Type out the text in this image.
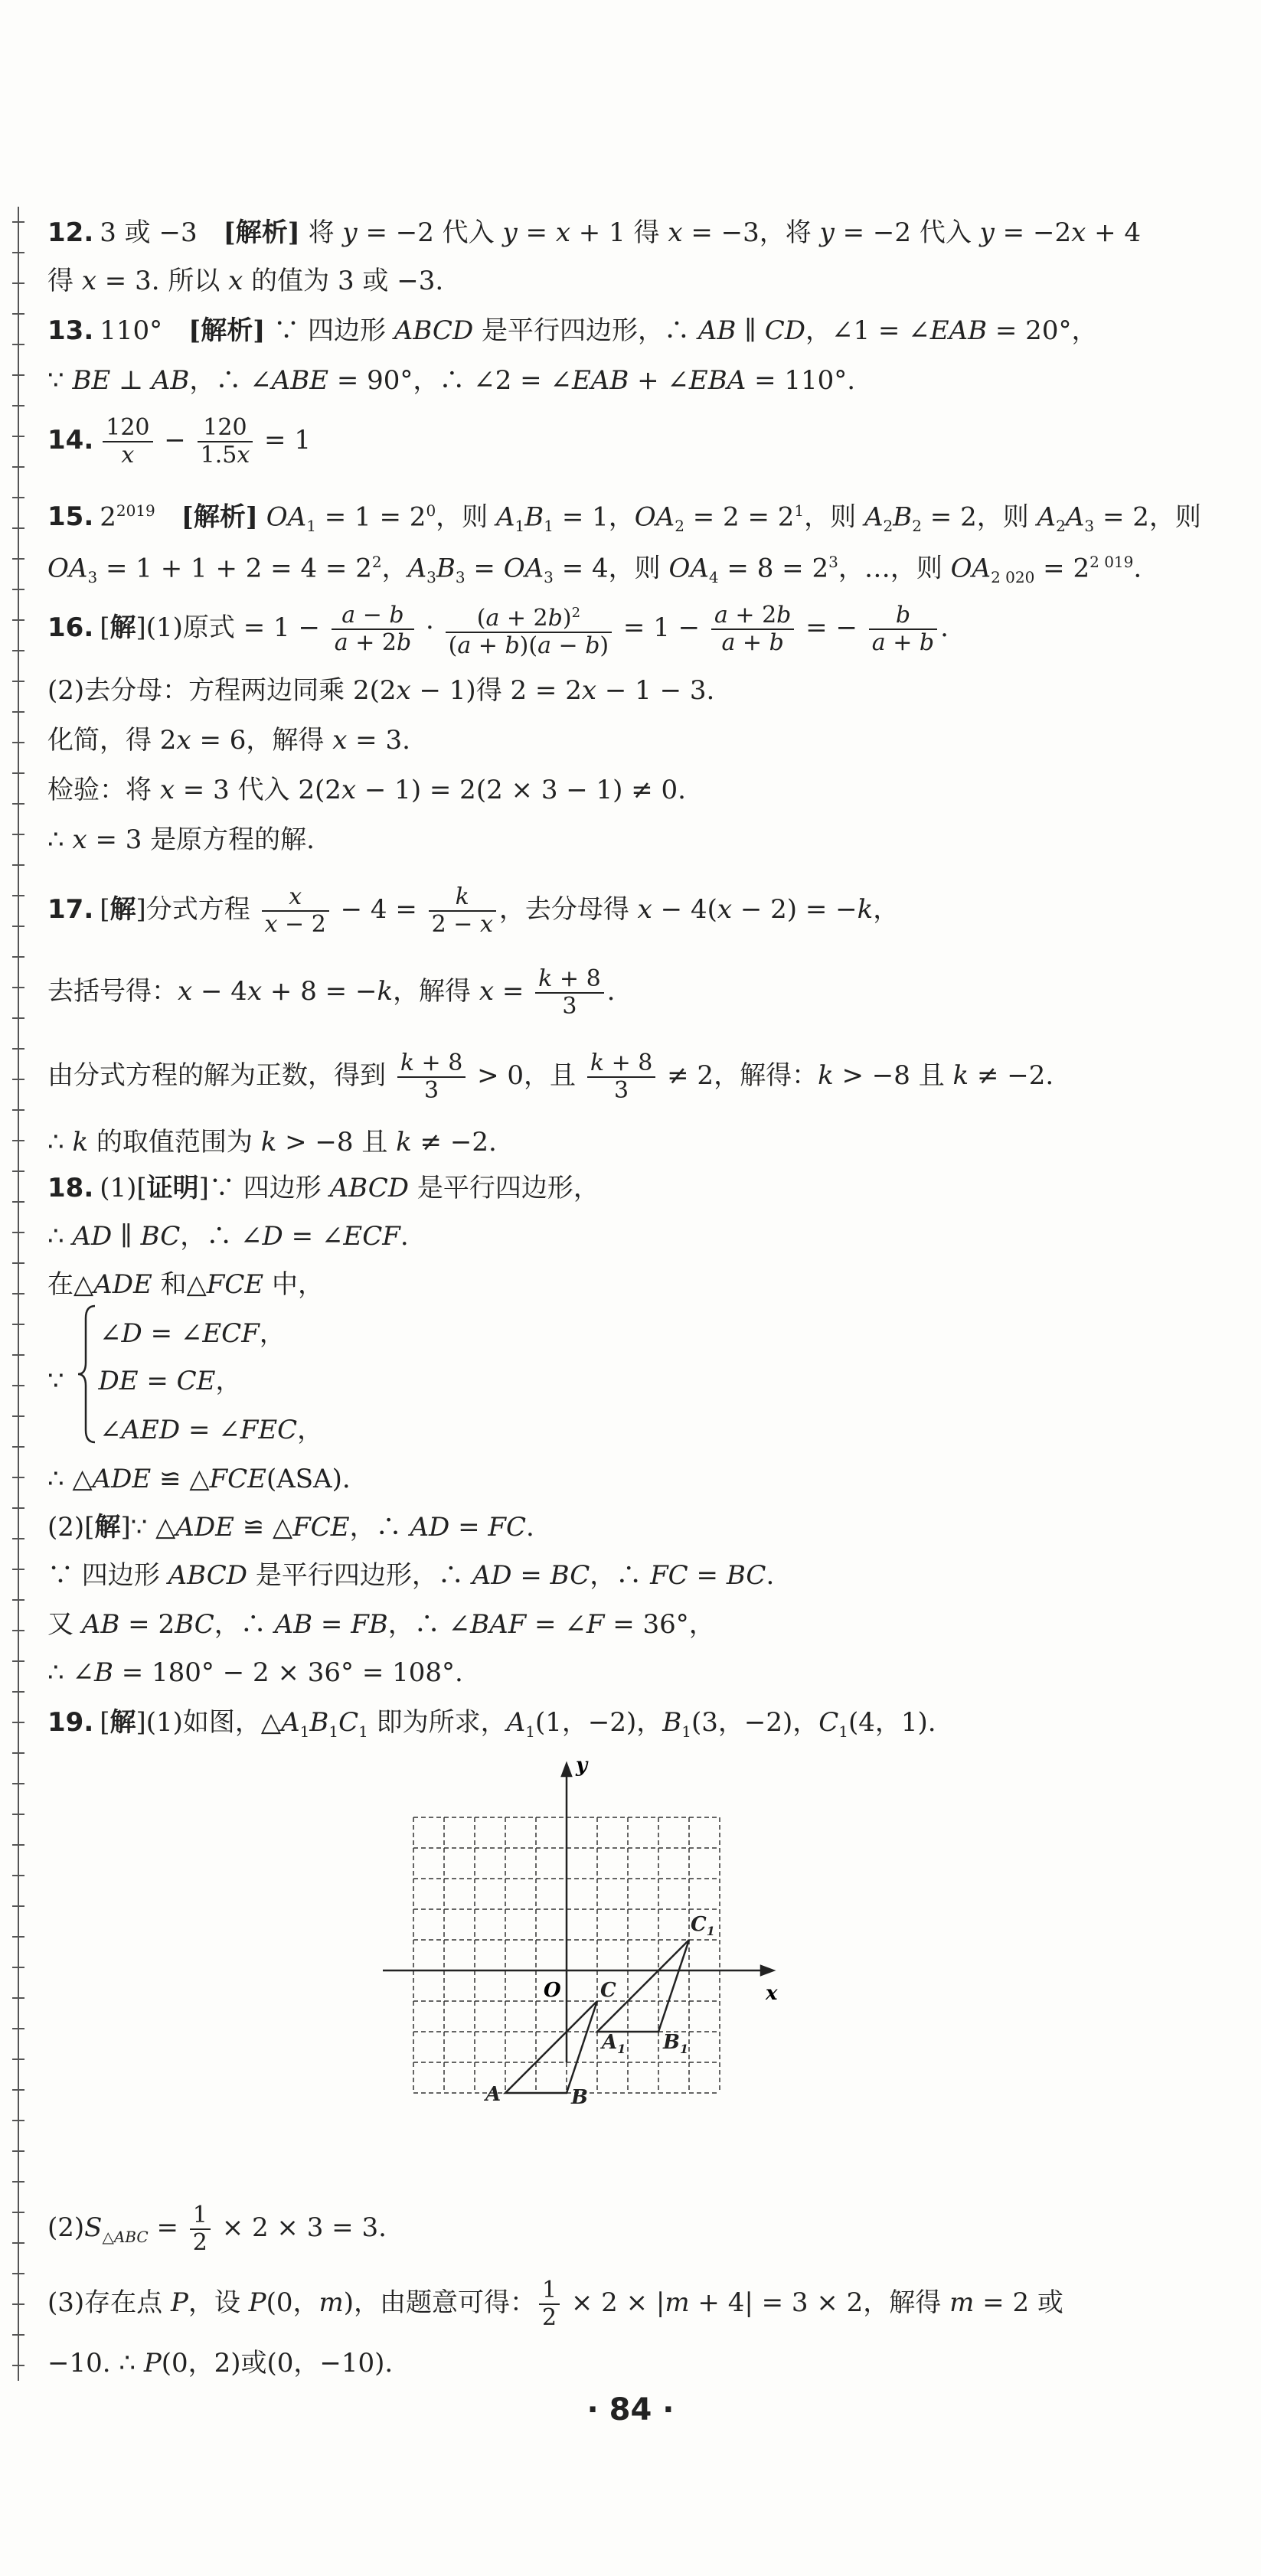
12. 3 或 −3　[解析] 将 y = −2 代入 y = x + 1 得 x = −3，将 y = −2 代入 y = −2x + 4
得 x = 3. 所以 x 的值为 3 或 −3.
13. 110°　[解析] ∵ 四边形 ABCD 是平行四边形，∴ AB ∥ CD，∠1 = ∠EAB = 20°，
∵ BE ⊥ AB，∴ ∠ABE = 90°，∴ ∠2 = ∠EAB + ∠EBA = 110°.
14. $\frac{120}{x} - \frac{120}{1.5x} = 1$
15. $2^{2019}$　 [解析] $OA_1 = 1 = 2^0$，则 $A_1B_1 = 1$，$OA_2 = 2 = 2^1$，则 $A_2B_2 = 2$，则 $A_2A_3 = 2$，则
$OA_3 = 1 + 1 + 2 = 4 = 2^2$，$A_3B_3 = OA_3 = 4$，则 $OA_4 = 8 = 2^3$，…，则 $OA_{2 020} = 2^{2 019}$.
16. [解](1)原式 = $1 - \frac{a - b}{a + 2b} \cdot \frac{(a + 2b)^2}{(a + b)(a - b)} = 1 - \frac{a + 2b}{a + b}$ = − $\frac{b}{a + b}$ .
(2)去分母：方程两边同乘 2(2x − 1)得 2 = 2x − 1 − 3.
化简，得 2x = 6，解得 x = 3.
检验：将 x = 3 代入 2(2x − 1) = 2(2 × 3 − 1) ≠ 0.
∴ x = 3 是原方程的解.
17. [解]分式方程 $\frac{x}{x - 2} - 4 = \frac{k}{2 - x}$ ，去分母得 x − 4(x − 2) = −k，
去括号得：x − 4x + 8 = −k，解得 $x = \frac{k + 8}{3}$ .
由分式方程的解为正数，得到 $\frac{k + 8}{3} > 0$，且 $\frac{k + 8}{3} \ne 2$，解得：k > −8 且 k ≠ −2.
∴ k 的取值范围为 k > −8 且 k ≠ −2.
18. (1)[证明]∵ 四边形 ABCD 是平行四边形，
∴ AD ∥ BC，∴ ∠D = ∠ECF.
在△ADE 和△FCE 中，
　　∠D = ∠ECF，
∵ 　DE = CE，
　　∠AED = ∠FEC，
∴ △ADE ≌ △FCE(ASA).
(2)[解]∵ △ADE ≌ △FCE，∴ AD = FC.
∵ 四边形 ABCD 是平行四边形，∴ AD = BC，∴ FC = BC.
又 AB = 2BC，∴ AB = FB，∴ ∠BAF = ∠F = 36°，
∴ ∠B = 180° − 2 × 36° = 108°.
19. [解](1)如图，$\triangle A_1B_1C_1$ 即为所求，$A_1(1$，−2)，$B_1(3$，−2)，$C_1(4$，1).
$(2)S_{\triangle ABC} = \frac{1}{2} \times 2 \times 3 = 3$.
(3)存在点 P，设 P(0，m)，由题意可得： $\frac{1}{2} \times 2 \times |m + 4| = 3 \times 2$，解得 m = 2 或
−10. ∴ P(0，2)或(0，−10).
x
y
O
A	B
C
$A_1$ $B_1$
$C_1$
· 84 ·
